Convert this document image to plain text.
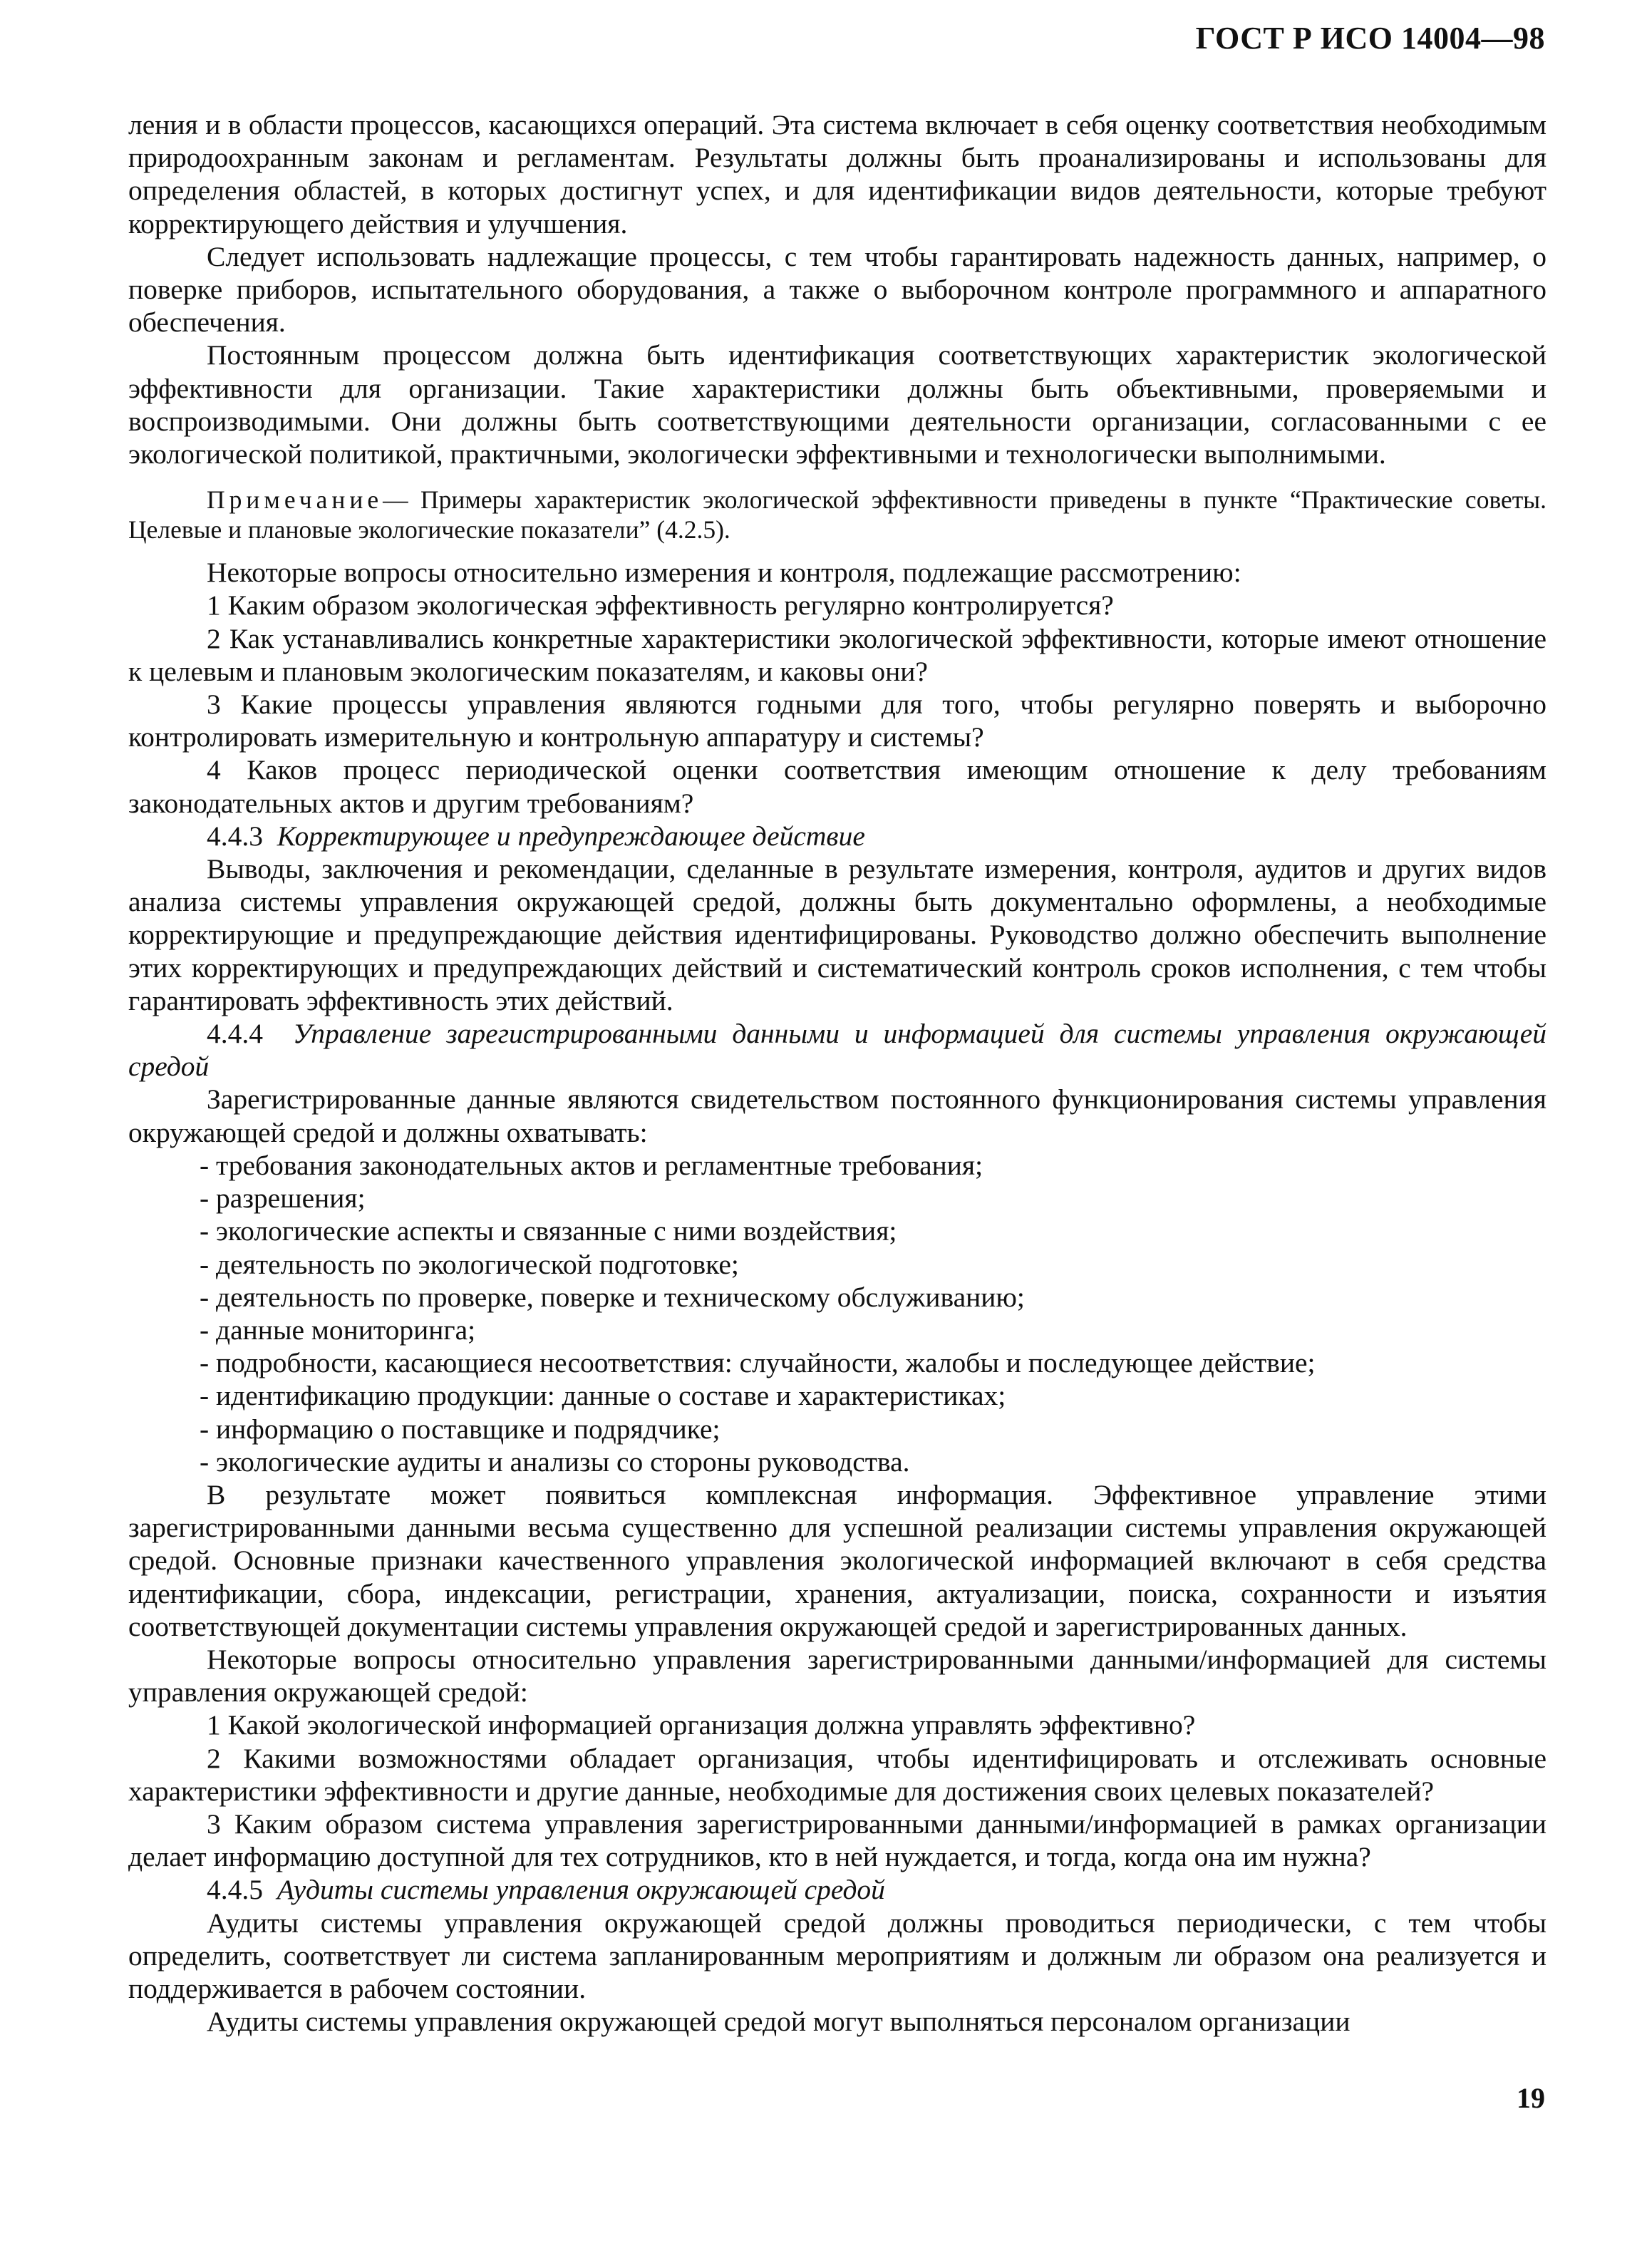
ГОСТ Р ИСО 14004—98

ления и в области процессов, касающихся операций. Эта система включает в себя оценку соответствия необходимым природоохранным законам и регламентам. Результаты должны быть проанализированы и использованы для определения областей, в которых достигнут успех, и для идентификации видов деятельности, которые требуют корректирующего действия и улучшения.

Следует использовать надлежащие процессы, с тем чтобы гарантировать надежность данных, например, о поверке приборов, испытательного оборудования, а также о выборочном контроле программного и аппаратного обеспечения.

Постоянным процессом должна быть идентификация соответствующих характеристик экологической эффективности для организации. Такие характеристики должны быть объективными, проверяемыми и воспроизводимыми. Они должны быть соответствующими деятельности организации, согласованными с ее экологической политикой, практичными, экологически эффективными и технологически выполнимыми.

Примечание— Примеры характеристик экологической эффективности приведены в пункте “Практические советы. Целевые и плановые экологические показатели” (4.2.5).

Некоторые вопросы относительно измерения и контроля, подлежащие рассмотрению:

1 Каким образом экологическая эффективность регулярно контролируется?

2 Как устанавливались конкретные характеристики экологической эффективности, которые имеют отношение к целевым и плановым экологическим показателям, и каковы они?

3 Какие процессы управления являются годными для того, чтобы регулярно поверять и выборочно контролировать измерительную и контрольную аппаратуру и системы?

4 Каков процесс периодической оценки соответствия имеющим отношение к делу требованиям законодательных актов и другим требованиям?

4.4.3 Корректирующее и предупреждающее действие

Выводы, заключения и рекомендации, сделанные в результате измерения, контроля, аудитов и других видов анализа системы управления окружающей средой, должны быть документально оформлены, а необходимые корректирующие и предупреждающие действия идентифицированы. Руководство должно обеспечить выполнение этих корректирующих и предупреждающих действий и систематический контроль сроков исполнения, с тем чтобы гарантировать эффективность этих действий.

4.4.4 Управление зарегистрированными данными и информацией для системы управления окружающей средой

Зарегистрированные данные являются свидетельством постоянного функционирования системы управления окружающей средой и должны охватывать:

- требования законодательных актов и регламентные требования;
- разрешения;
- экологические аспекты и связанные с ними воздействия;
- деятельность по экологической подготовке;
- деятельность по проверке, поверке и техническому обслуживанию;
- данные мониторинга;
- подробности, касающиеся несоответствия: случайности, жалобы и последующее действие;
- идентификацию продукции: данные о составе и характеристиках;
- информацию о поставщике и подрядчике;
- экологические аудиты и анализы со стороны руководства.

В результате может появиться комплексная информация. Эффективное управление этими зарегистрированными данными весьма существенно для успешной реализации системы управления окружающей средой. Основные признаки качественного управления экологической информацией включают в себя средства идентификации, сбора, индексации, регистрации, хранения, актуализации, поиска, сохранности и изъятия соответствующей документации системы управления окружающей средой и зарегистрированных данных.

Некоторые вопросы относительно управления зарегистрированными данными/информацией для системы управления окружающей средой:

1 Какой экологической информацией организация должна управлять эффективно?

2 Какими возможностями обладает организация, чтобы идентифицировать и отслеживать основные характеристики эффективности и другие данные, необходимые для достижения своих целевых показателей?

3 Каким образом система управления зарегистрированными данными/информацией в рамках организации делает информацию доступной для тех сотрудников, кто в ней нуждается, и тогда, когда она им нужна?

4.4.5 Аудиты системы управления окружающей средой

Аудиты системы управления окружающей средой должны проводиться периодически, с тем чтобы определить, соответствует ли система запланированным мероприятиям и должным ли образом она реализуется и поддерживается в рабочем состоянии.

Аудиты системы управления окружающей средой могут выполняться персоналом организации

19
